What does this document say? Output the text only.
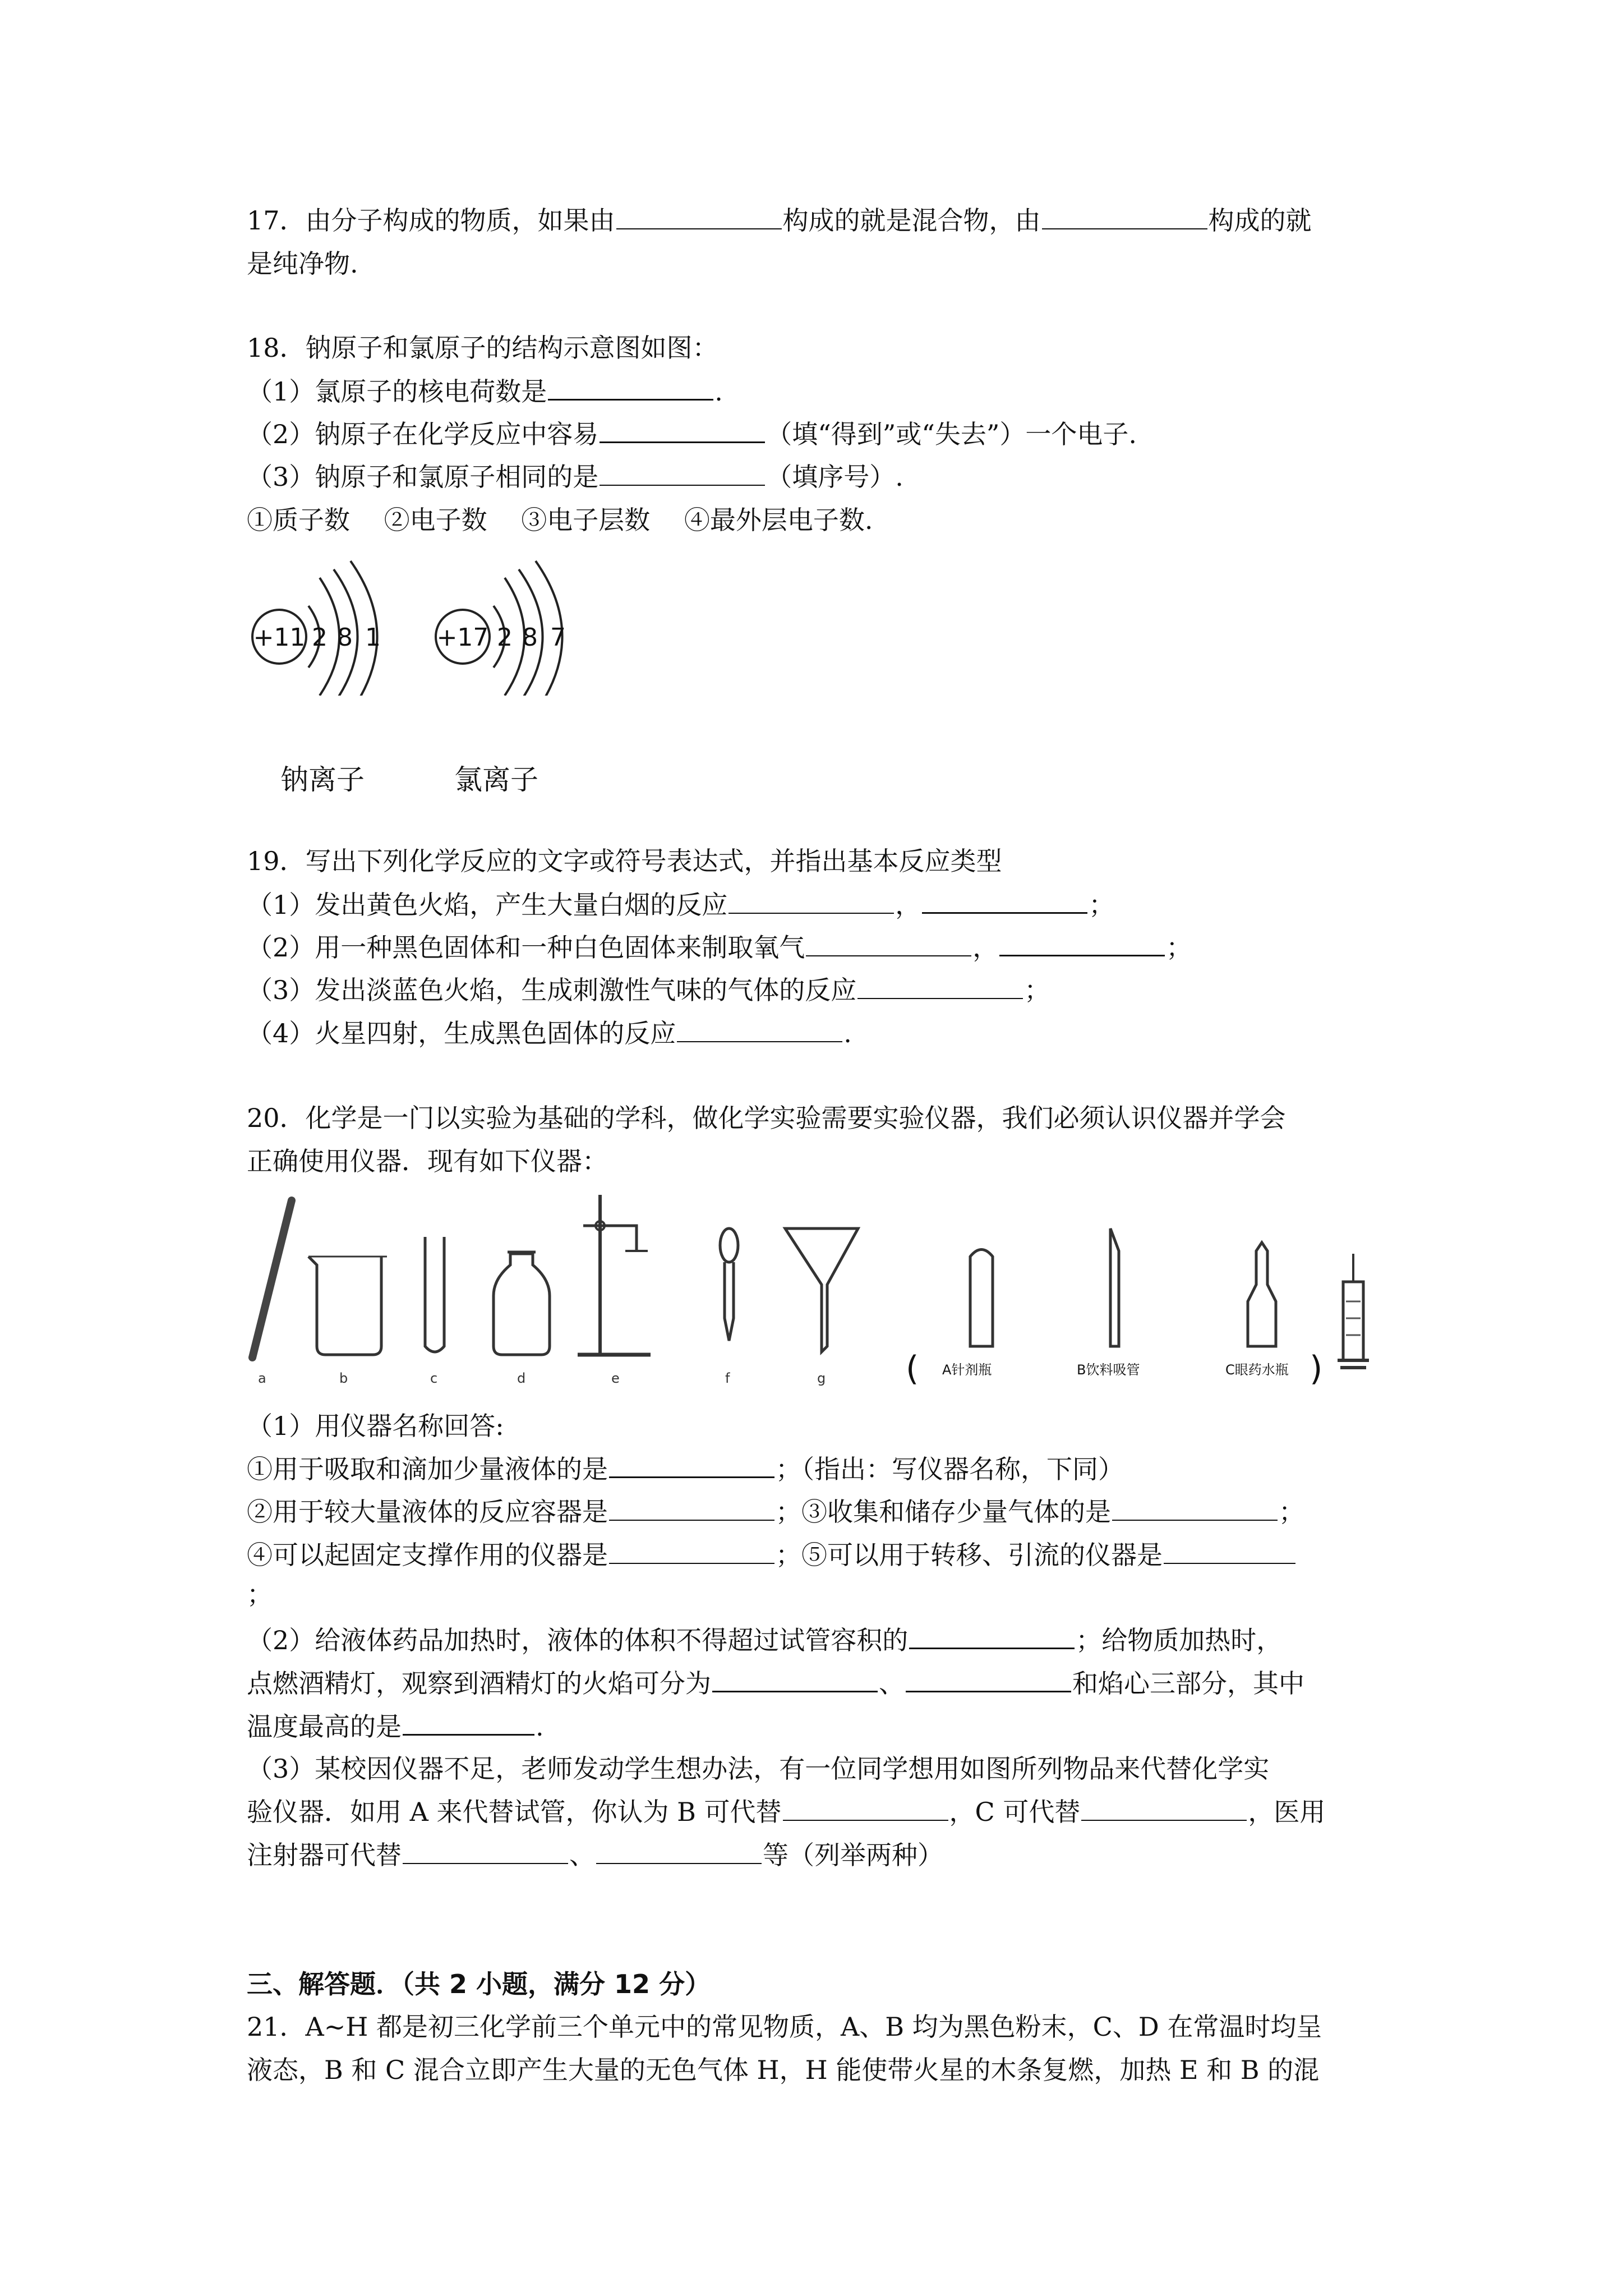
17．由分子构成的物质，如果由	构成的就是混合物，由	构成的就
是纯净物.
18．钠原子和氯原子的结构示意图如图：
（1）氯原子的核电荷数是	.
（2）钠原子在化学反应中容易	（填“得到”或“失去”）一个电子.
（3）钠原子和氯原子相同的是	（填序号）.
①质子数　 ②电子数　 ③电子层数　 ④最外层电子数.
+11 2 8 1 +17 2 8 7
钠离子	氯离子
19．写出下列化学反应的文字或符号表达式，并指出基本反应类型
（1）发出黄色火焰，产生大量白烟的反应	，	；
（2）用一种黑色固体和一种白色固体来制取氧气	，	；
（3）发出淡蓝色火焰，生成刺激性气味的气体的反应	；
（4）火星四射，生成黑色固体的反应	.
20．化学是一门以实验为基础的学科，做化学实验需要实验仪器，我们必须认识仪器并学会
正确使用仪器．现有如下仪器：
a	b	c	d	e	f	g ( A针剂瓶	B饮料吸管	C眼药水瓶 )
（1）用仪器名称回答:
①用于吸取和滴加少量液体的是	；（指出：写仪器名称，下同）
②用于较大量液体的反应容器是	；③收集和储存少量气体的是	；
④可以起固定支撑作用的仪器是	；⑤可以用于转移、引流的仪器是
；
（2）给液体药品加热时，液体的体积不得超过试管容积的	；给物质加热时，
点燃酒精灯，观察到酒精灯的火焰可分为	、	和焰心三部分，其中
温度最高的是	.
（3）某校因仪器不足，老师发动学生想办法，有一位同学想用如图所列物品来代替化学实
验仪器．如用 A 来代替试管，你认为 B 可代替	，C 可代替	，医用
注射器可代替	、	等（列举两种）
三、解答题．（共 2 小题，满分 12 分）
21．A~H 都是初三化学前三个单元中的常见物质，A、B 均为黑色粉末，C、D 在常温时均呈
液态，B 和 C 混合立即产生大量的无色气体 H，H 能使带火星的木条复燃，加热 E 和 B 的混
